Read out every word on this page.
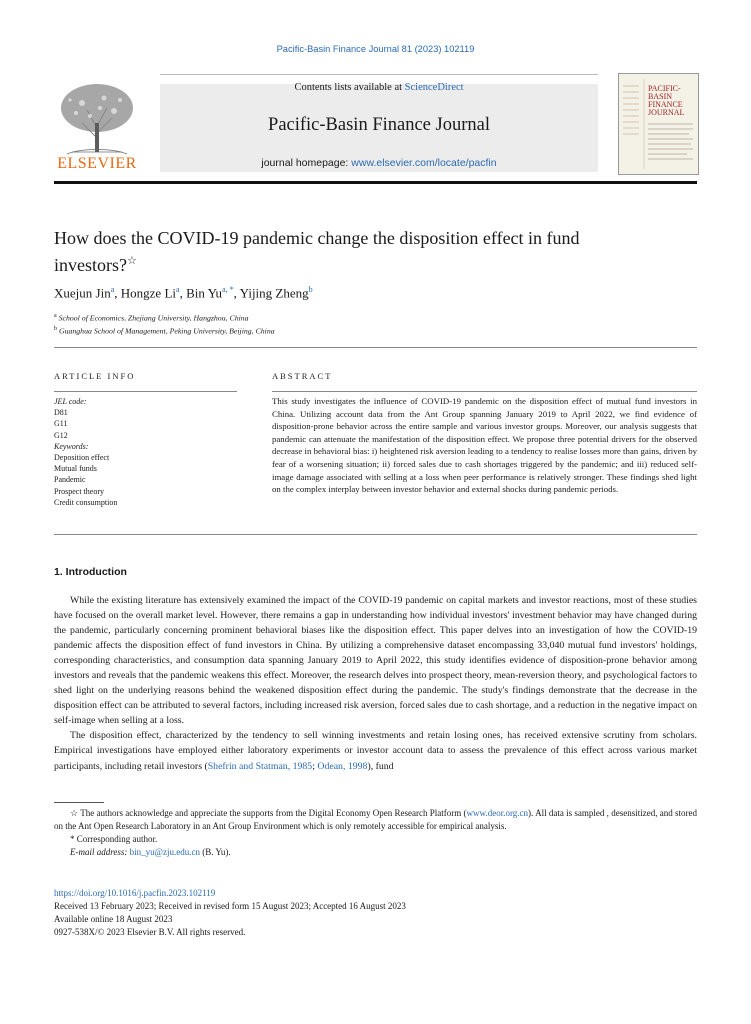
Pacific-Basin Finance Journal 81 (2023) 102119
ELSEVIER
Contents lists available at ScienceDirect
Pacific-Basin Finance Journal
journal homepage: www.elsevier.com/locate/pacfin
PACIFIC-
BASIN
FINANCE
JOURNAL
How does the COVID-19 pandemic change the disposition effect in fund investors?☆
Xuejun Jin$^a$, Hongze Li$^a$, Bin $Yu^{a, *}$, Yijing Zheng$^b$
$^a$ School of Economics, Zhejiang University, Hangzhou, China
$^b$ Guanghua School of Management, Peking University, Beijing, China
ARTICLE INFO	ABSTRACT
JEL code:
D81
G11
G12
Keywords:
Deposition effect
Mutual funds
Pandemic
Prospect theory
Credit consumption
This study investigates the influence of COVID-19 pandemic on the disposition effect of mutual fund investors in China. Utilizing account data from the Ant Group spanning January 2019 to April 2022, we find evidence of disposition-prone behavior across the entire sample and various investor groups. Moreover, our analysis suggests that pandemic can attenuate the manifestation of the disposition effect. We propose three potential drivers for the observed decrease in behavioral bias: i) heightened risk aversion leading to a tendency to realise losses more than gains, driven by fear of a worsening situation; ii) forced sales due to cash shortages triggered by the pandemic; and iii) reduced self-image damage associated with selling at a loss when peer performance is relatively stronger. These findings shed light on the complex interplay between investor behavior and external shocks during pandemic periods.
1. Introduction

While the existing literature has extensively examined the impact of the COVID-19 pandemic on capital markets and investor reactions, most of these studies have focused on the overall market level. However, there remains a gap in understanding how individual investors' investment behavior may have changed during the pandemic, particularly concerning prominent behavioral biases like the disposition effect. This paper delves into an investigation of how the COVID-19 pandemic affects the disposition effect of fund investors in China. By utilizing a comprehensive dataset encompassing 33,040 mutual fund investors' holdings, corresponding characteristics, and consumption data spanning January 2019 to April 2022, this study identifies evidence of disposition-prone behavior among investors and reveals that the pandemic weakens this effect. Moreover, the research delves into prospect theory, mean-reversion theory, and psychological factors to shed light on the underlying reasons behind the weakened disposition effect during the pandemic. The study's findings demonstrate that the decrease in the disposition effect can be attributed to several factors, including increased risk aversion, forced sales due to cash shortage, and a reduction in the negative impact on self-image when selling at a loss.

The disposition effect, characterized by the tendency to sell winning investments and retain losing ones, has received extensive scrutiny from scholars. Empirical investigations have employed either laboratory experiments or investor account data to assess the prevalence of this effect across various market participants, including retail investors (Shefrin and Statman, 1985; Odean, 1998), fund

☆ The authors acknowledge and appreciate the supports from the Digital Economy Open Research Platform (www.deor.org.cn). All data is sampled , desensitized, and stored on the Ant Open Research Laboratory in an Ant Group Environment which is only remotely accessible for empirical analysis.

* Corresponding author.

E-mail address: bin_yu@zju.edu.cn (B. Yu).

https://doi.org/10.1016/j.pacfin.2023.102119
Received 13 February 2023; Received in revised form 15 August 2023; Accepted 16 August 2023
Available online 18 August 2023
0927-538X/© 2023 Elsevier B.V. All rights reserved.
